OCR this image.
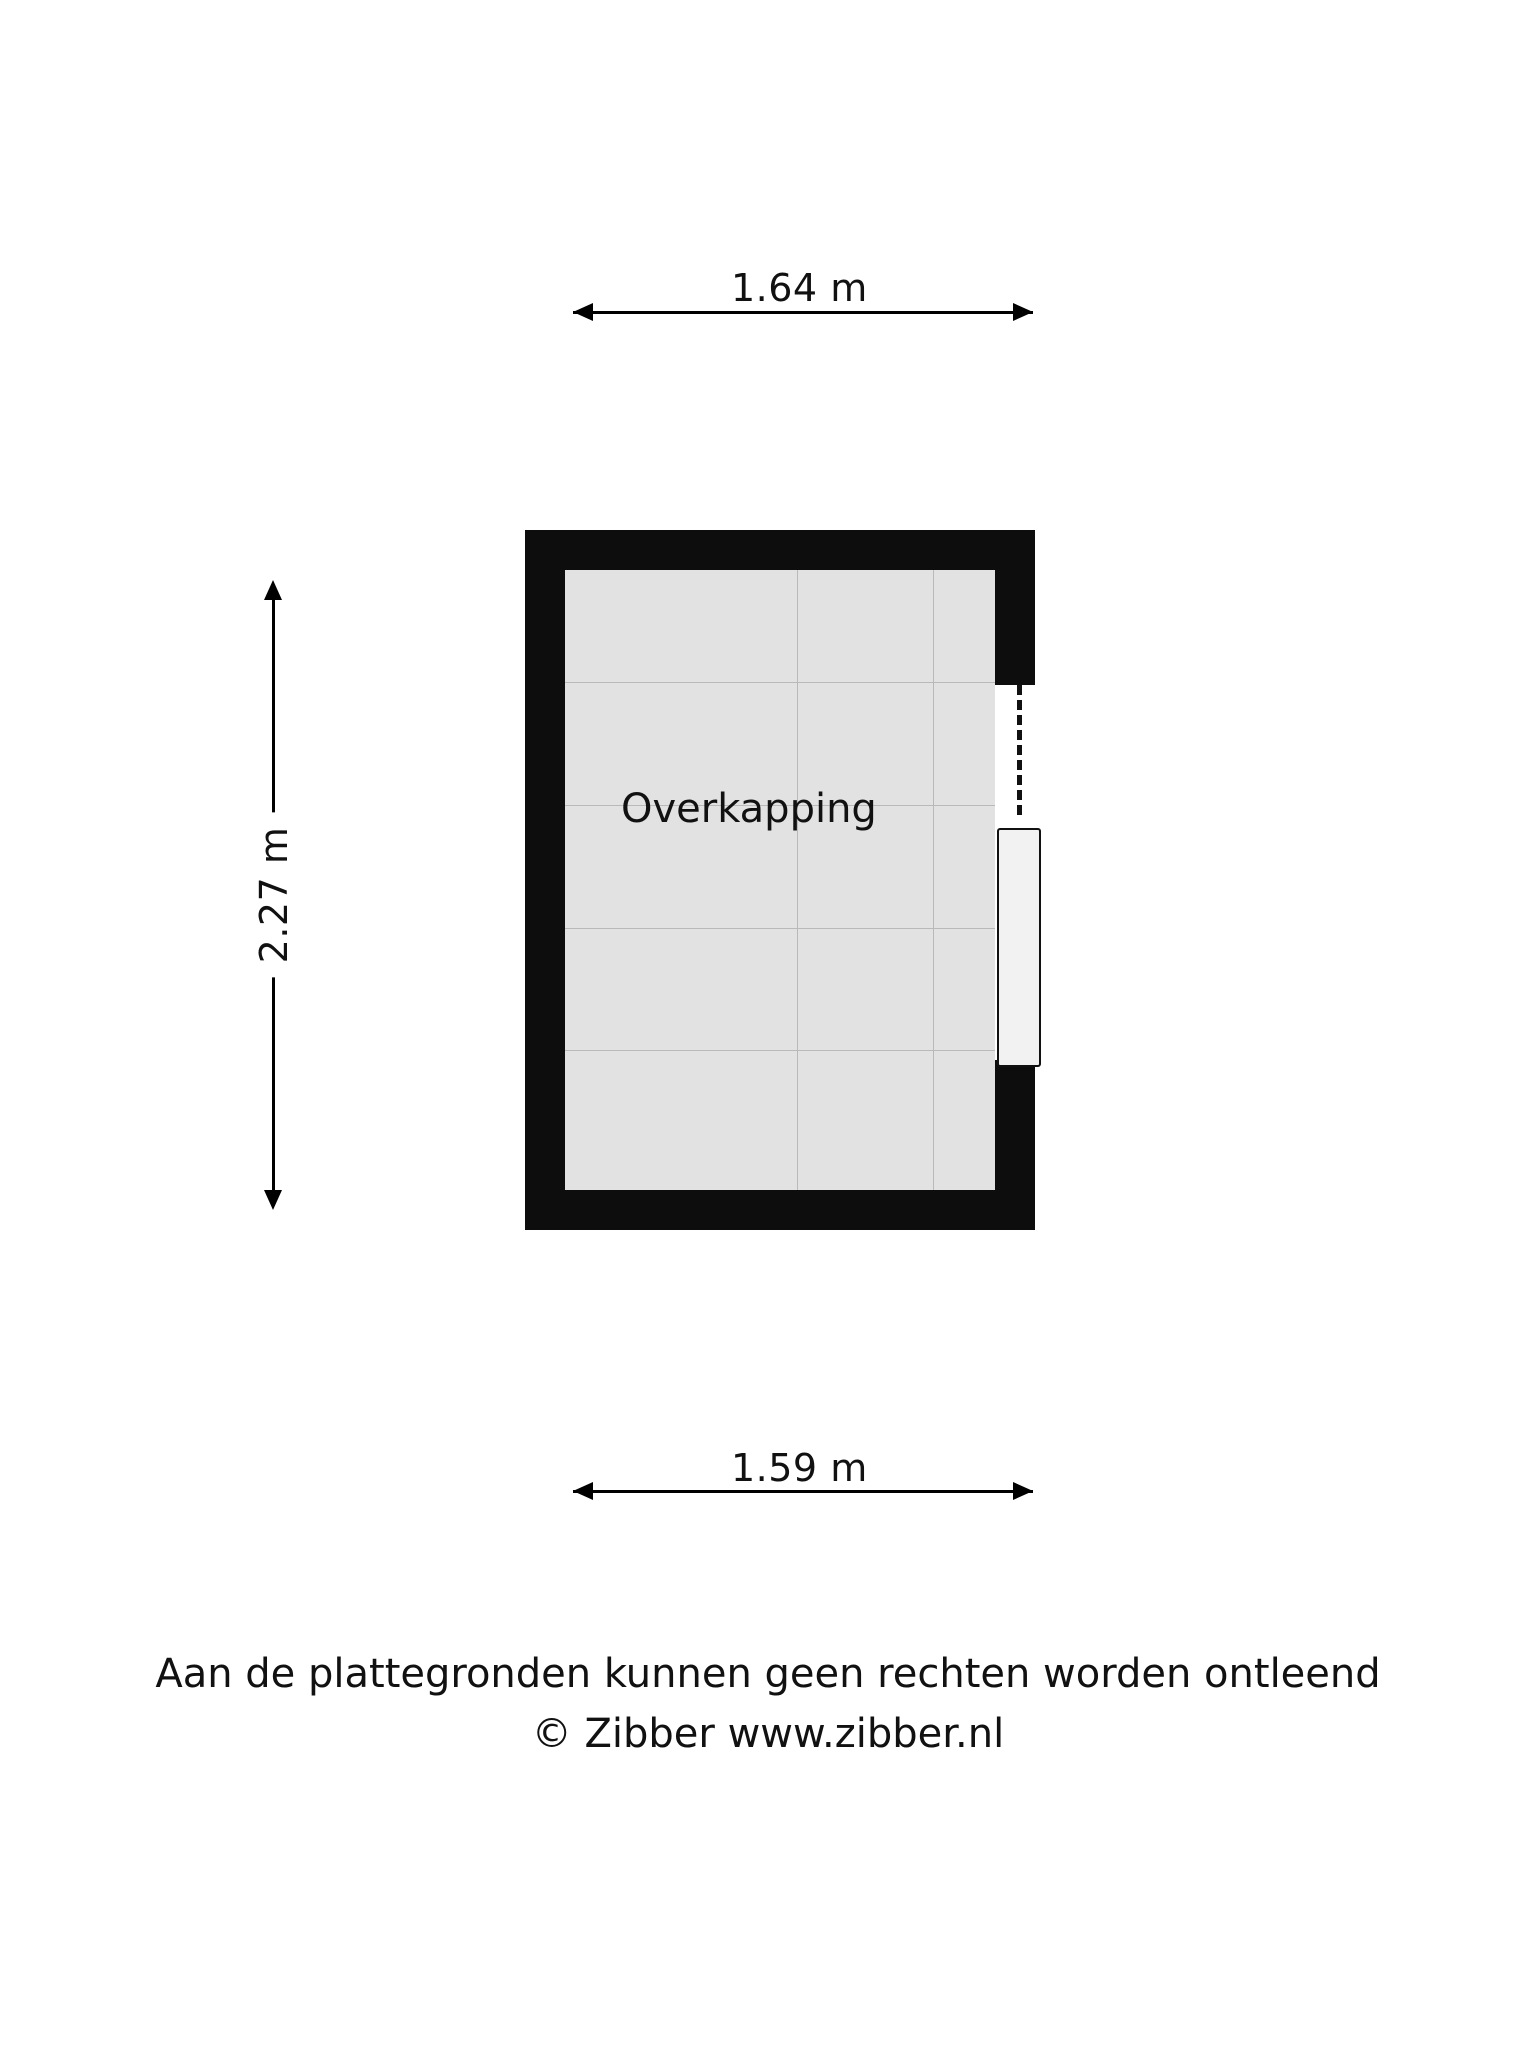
1.64 m
2.27 m
Overkapping
1.59 m
Aan de plattegronden kunnen geen rechten worden ontleend
© Zibber www.zibber.nl
